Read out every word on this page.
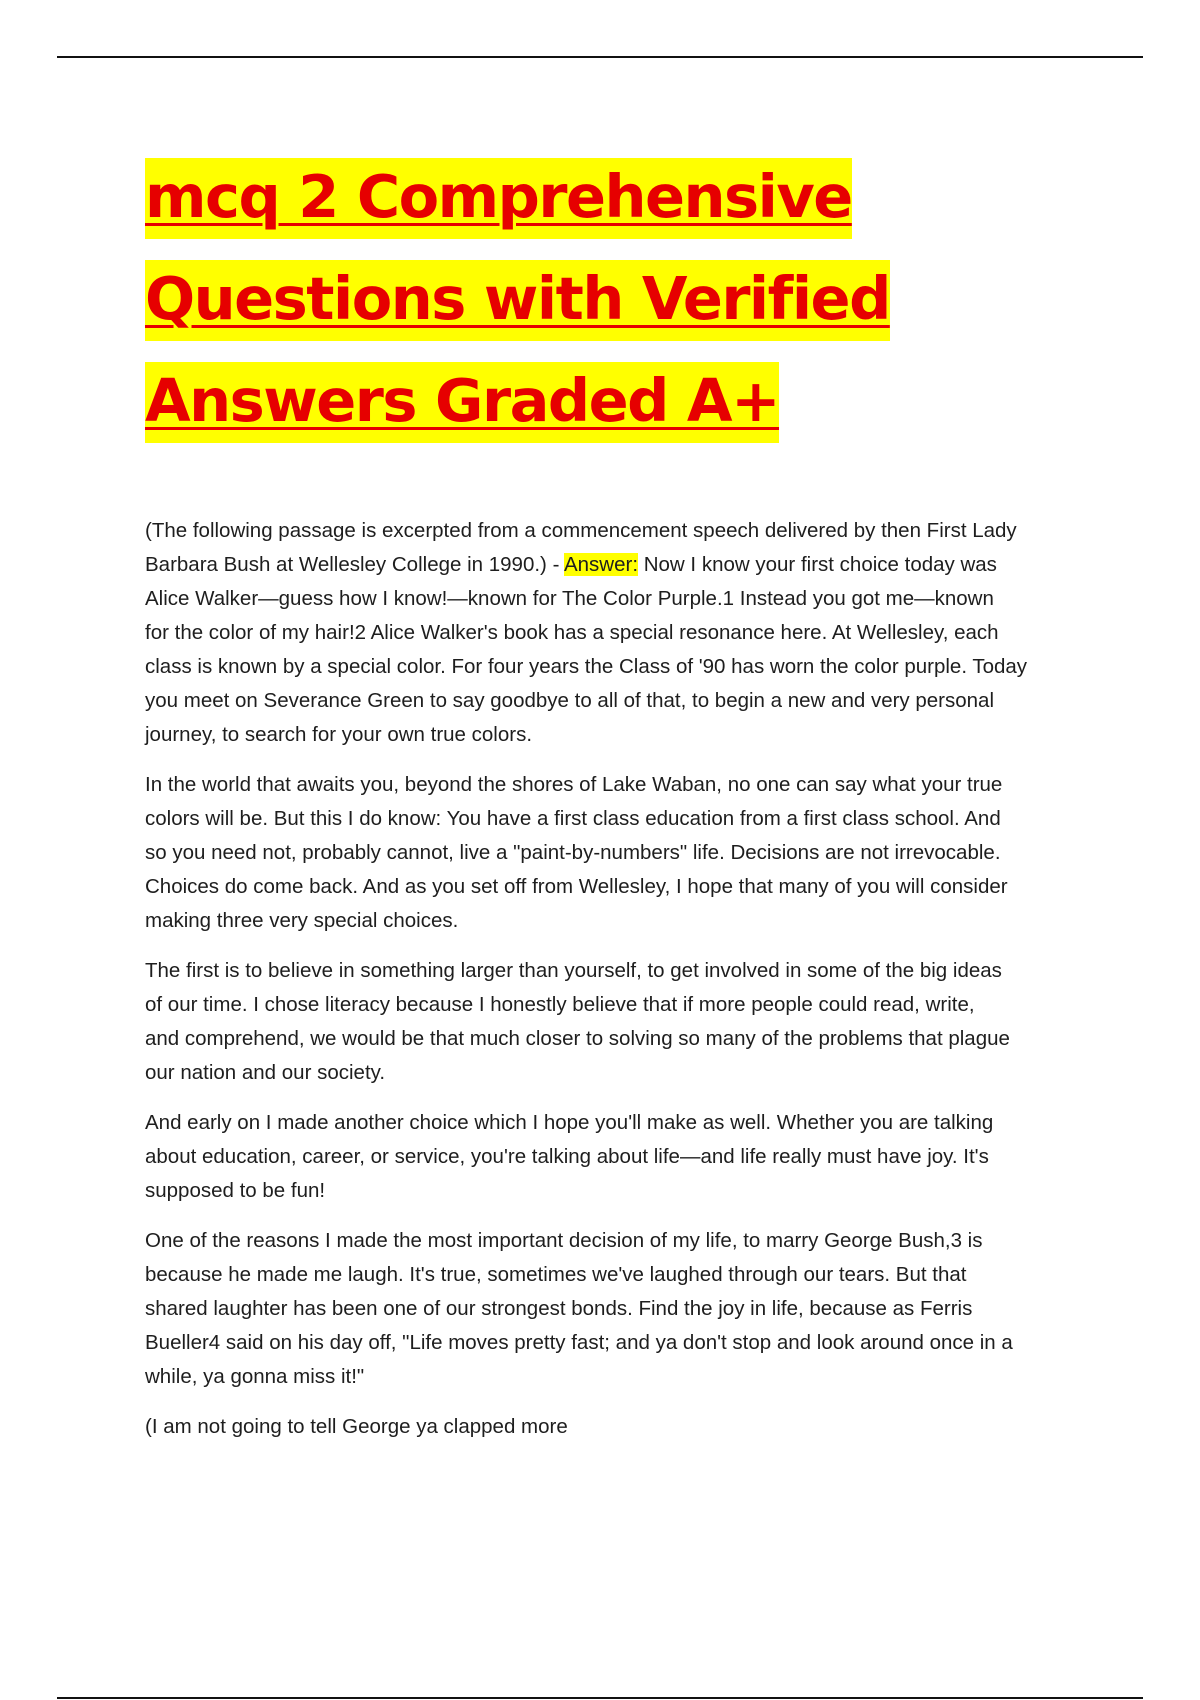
mcq 2 Comprehensive
Questions with Verified
Answers Graded A+

(The following passage is excerpted from a commencement speech delivered by then First Lady
Barbara Bush at Wellesley College in 1990.) - Answer: Now I know your first choice today was
Alice Walker—guess how I know!—known for The Color Purple.1 Instead you got me—known
for the color of my hair!2 Alice Walker's book has a special resonance here. At Wellesley, each
class is known by a special color. For four years the Class of '90 has worn the color purple. Today
you meet on Severance Green to say goodbye to all of that, to begin a new and very personal
journey, to search for your own true colors.

In the world that awaits you, beyond the shores of Lake Waban, no one can say what your true
colors will be. But this I do know: You have a first class education from a first class school. And
so you need not, probably cannot, live a "paint-by-numbers" life. Decisions are not irrevocable.
Choices do come back. And as you set off from Wellesley, I hope that many of you will consider
making three very special choices.

The first is to believe in something larger than yourself, to get involved in some of the big ideas
of our time. I chose literacy because I honestly believe that if more people could read, write,
and comprehend, we would be that much closer to solving so many of the problems that plague
our nation and our society.

And early on I made another choice which I hope you'll make as well. Whether you are talking
about education, career, or service, you're talking about life—and life really must have joy. It's
supposed to be fun!

One of the reasons I made the most important decision of my life, to marry George Bush,3 is
because he made me laugh. It's true, sometimes we've laughed through our tears. But that
shared laughter has been one of our strongest bonds. Find the joy in life, because as Ferris
Bueller4 said on his day off, "Life moves pretty fast; and ya don't stop and look around once in a
while, ya gonna miss it!"

(I am not going to tell George ya clapped more
